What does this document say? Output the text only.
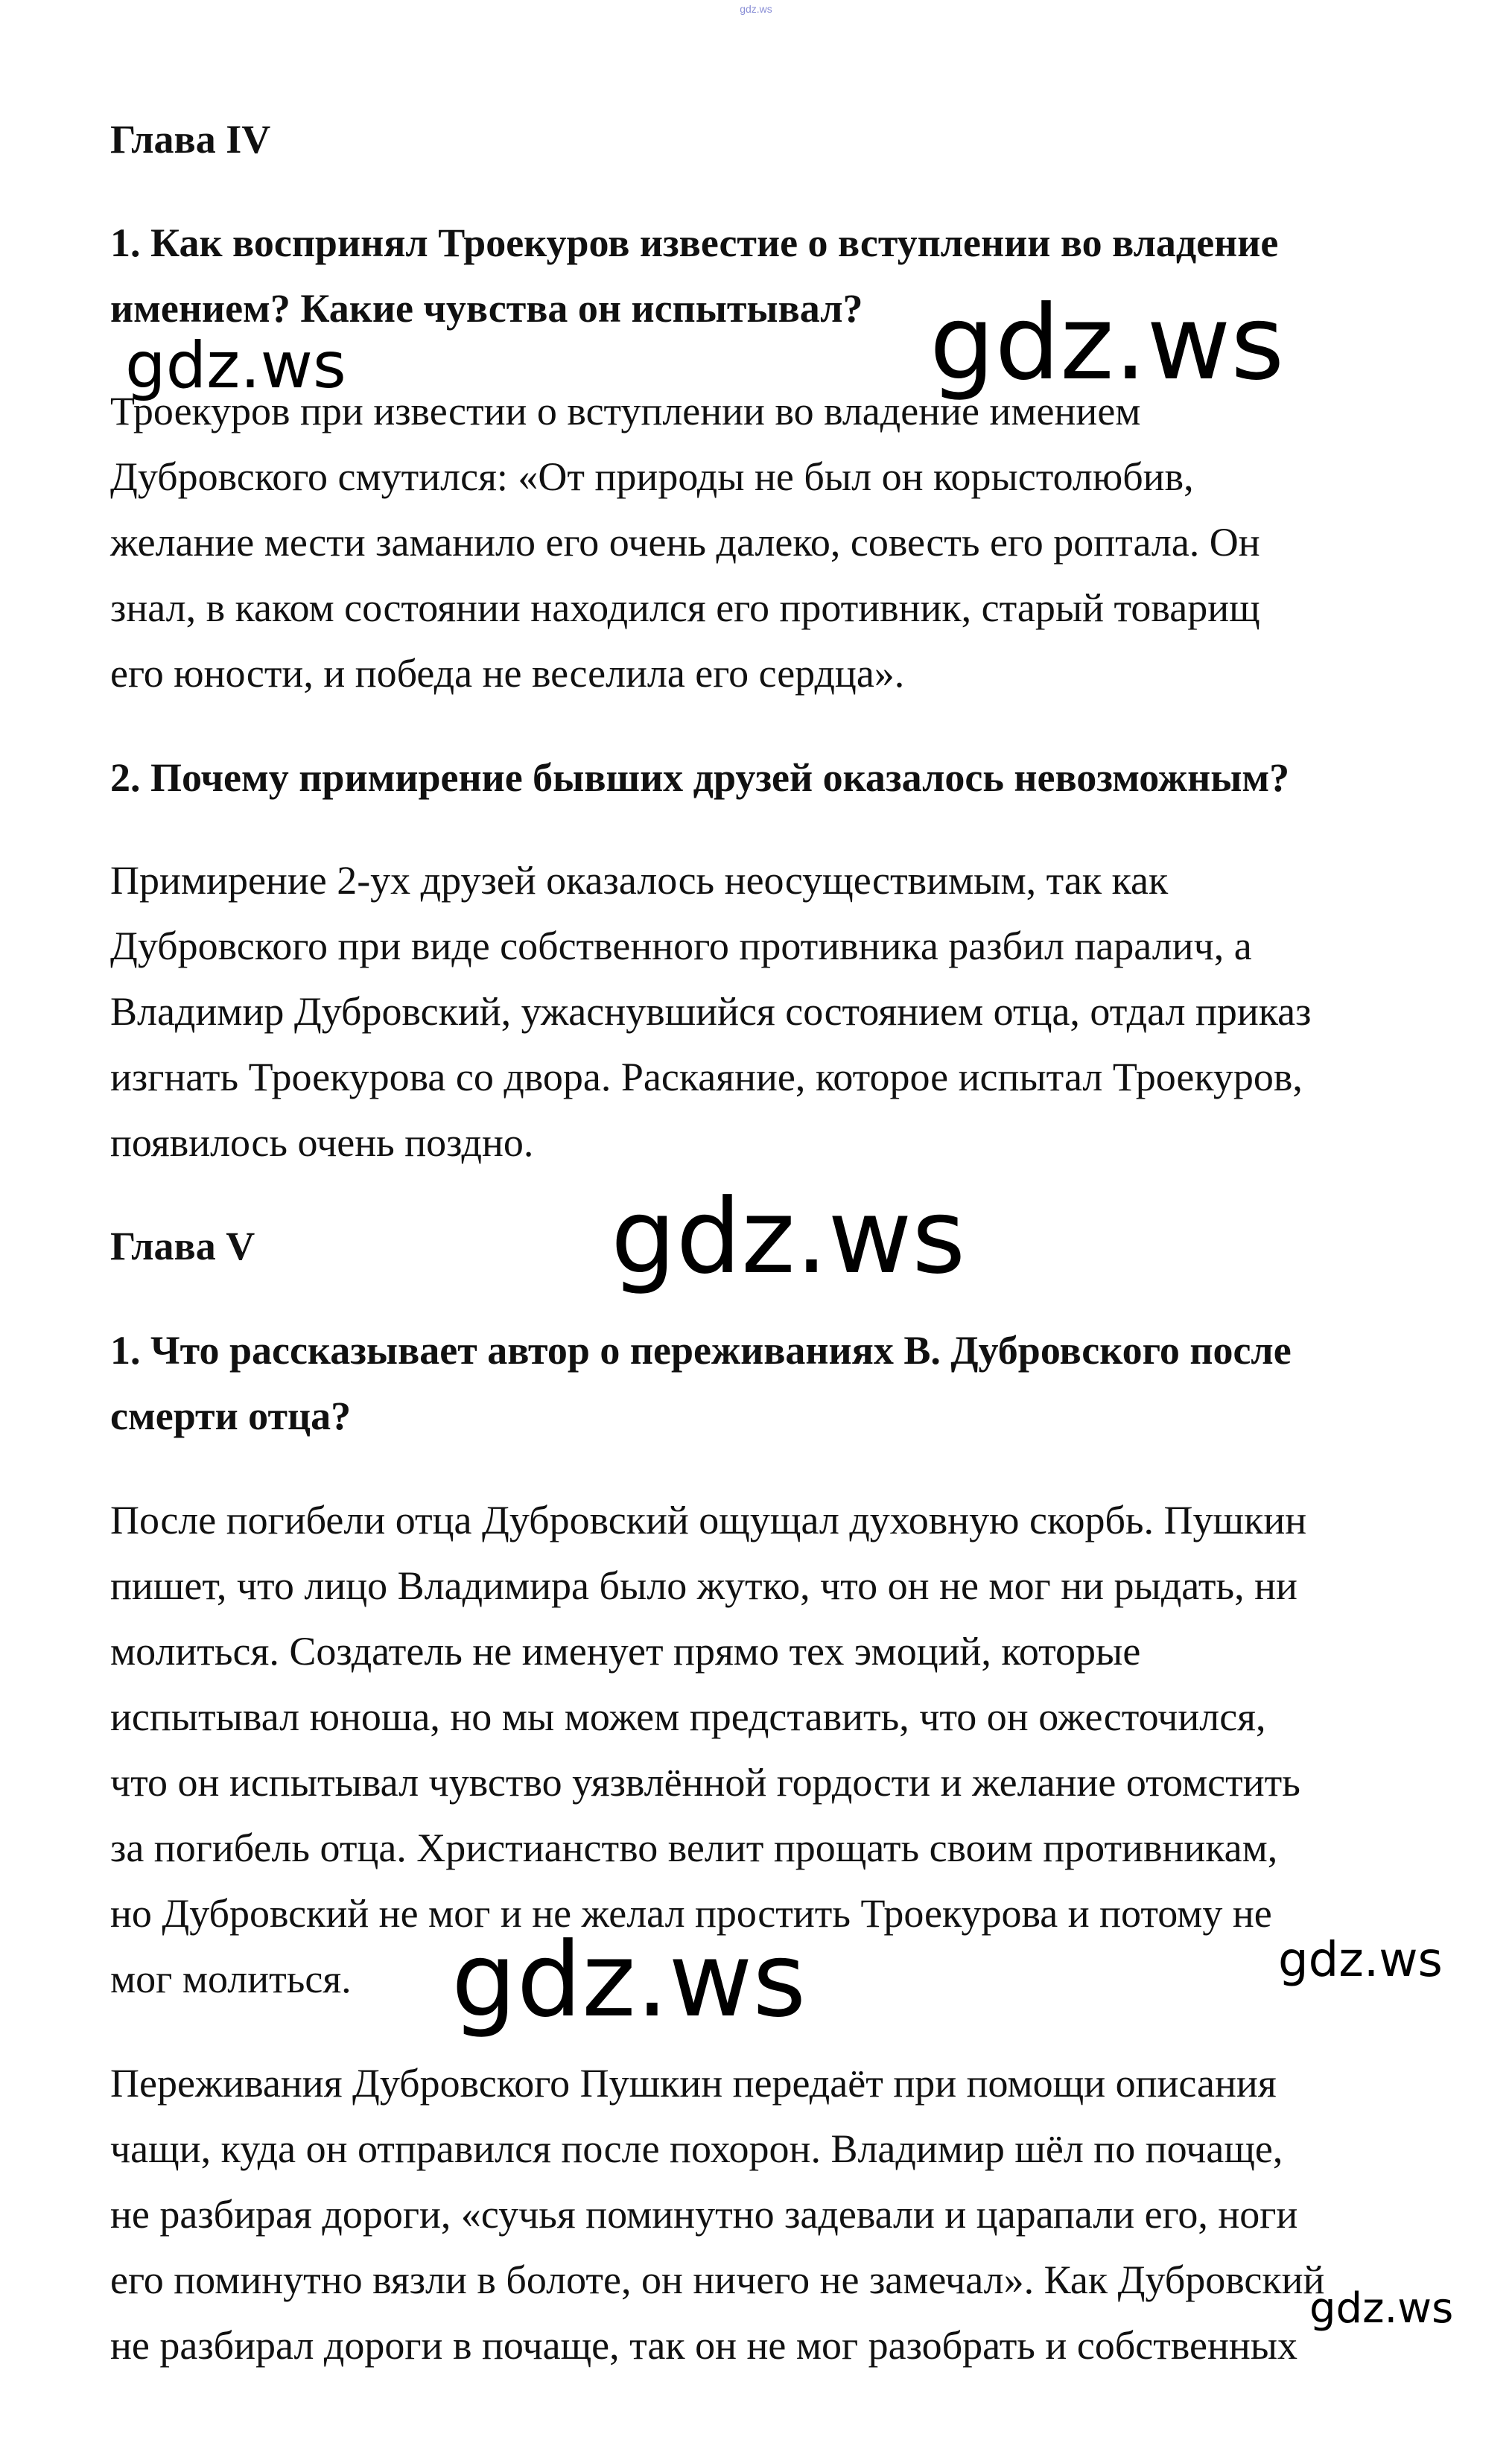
gdz.ws
Глава IV
1. Как воспринял Троекуров известие о вступлении во владение
имением? Какие чувства он испытывал?
Троекуров при известии о вступлении во владение имением
Дубровского смутился: «От природы не был он корыстолюбив,
желание мести заманило его очень далеко, совесть его роптала. Он
знал, в каком состоянии находился его противник, старый товарищ
его юности, и победа не веселила его сердца».
2. Почему примирение бывших друзей оказалось невозможным?
Примирение 2-ух друзей оказалось неосуществимым, так как
Дубровского при виде собственного противника разбил паралич, а
Владимир Дубровский, ужаснувшийся состоянием отца, отдал приказ
изгнать Троекурова со двора. Раскаяние, которое испытал Троекуров,
появилось очень поздно.
Глава V
1. Что рассказывает автор о переживаниях В. Дубровского после
смерти отца?
После погибели отца Дубровский ощущал духовную скорбь. Пушкин
пишет, что лицо Владимира было жутко, что он не мог ни рыдать, ни
молиться. Создатель не именует прямо тех эмоций, которые
испытывал юноша, но мы можем представить, что он ожесточился,
что он испытывал чувство уязвлённой гордости и желание отомстить
за погибель отца. Христианство велит прощать своим противникам,
но Дубровский не мог и не желал простить Троекурова и потому не
мог молиться.
Переживания Дубровского Пушкин передаёт при помощи описания
чащи, куда он отправился после похорон. Владимир шёл по почаще,
не разбирая дороги, «сучья поминутно задевали и царапали его, ноги
его поминутно вязли в болоте, он ничего не замечал». Как Дубровский
не разбирал дороги в почаще, так он не мог разобрать и собственных
gdz.ws	gdz.ws
gdz.ws
gdz.ws	gdz.ws
gdz.ws
